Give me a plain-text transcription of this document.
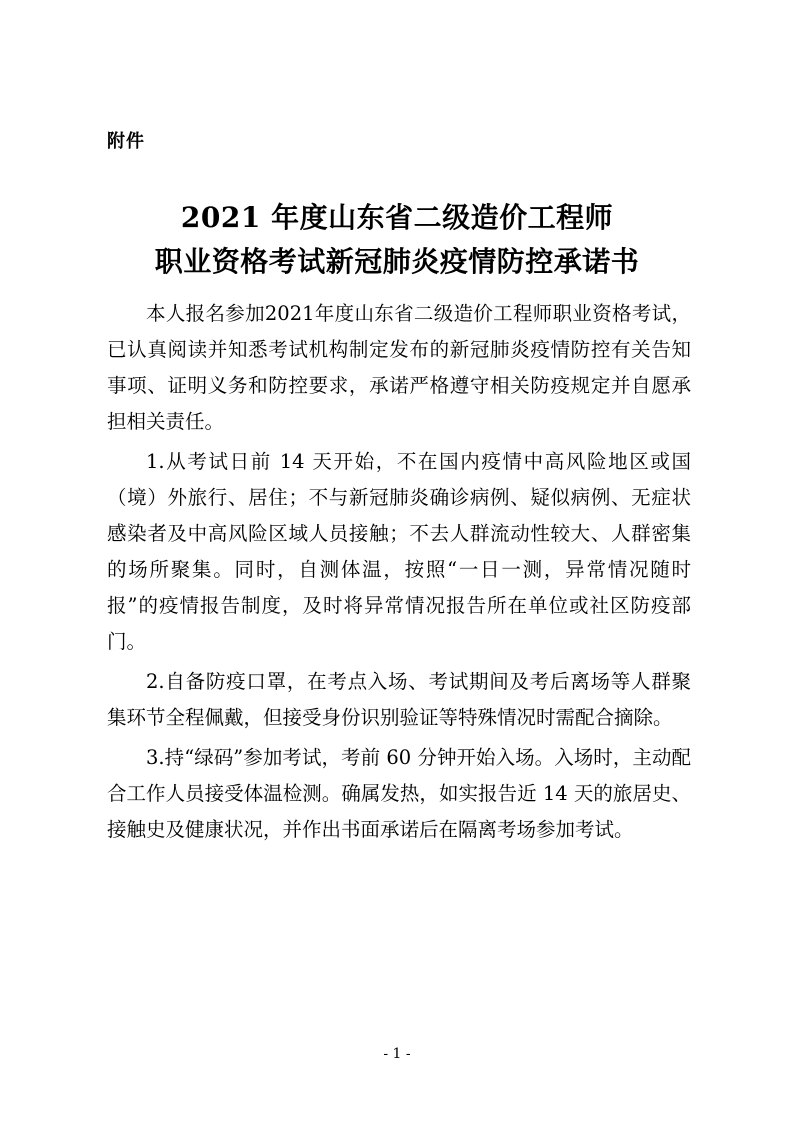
附件
2021 年度山东省二级造价工程师
职业资格考试新冠肺炎疫情防控承诺书

本人报名参加2021年度山东省二级造价工程师职业资格考试，已认真阅读并知悉考试机构制定发布的新冠肺炎疫情防控有关告知事项、证明义务和防控要求，承诺严格遵守相关防疫规定并自愿承担相关责任。

1.从考试日前 14 天开始，不在国内疫情中高风险地区或国（境）外旅行、居住；不与新冠肺炎确诊病例、疑似病例、无症状感染者及中高风险区域人员接触；不去人群流动性较大、人群密集的场所聚集。同时，自测体温，按照“一日一测，异常情况随时报”的疫情报告制度，及时将异常情况报告所在单位或社区防疫部门。

2.自备防疫口罩，在考点入场、考试期间及考后离场等人群聚集环节全程佩戴，但接受身份识别验证等特殊情况时需配合摘除。

3.持“绿码”参加考试，考前 60 分钟开始入场。入场时，主动配合工作人员接受体温检测。确属发热，如实报告近 14 天的旅居史、接触史及健康状况，并作出书面承诺后在隔离考场参加考试。

- 1 -
